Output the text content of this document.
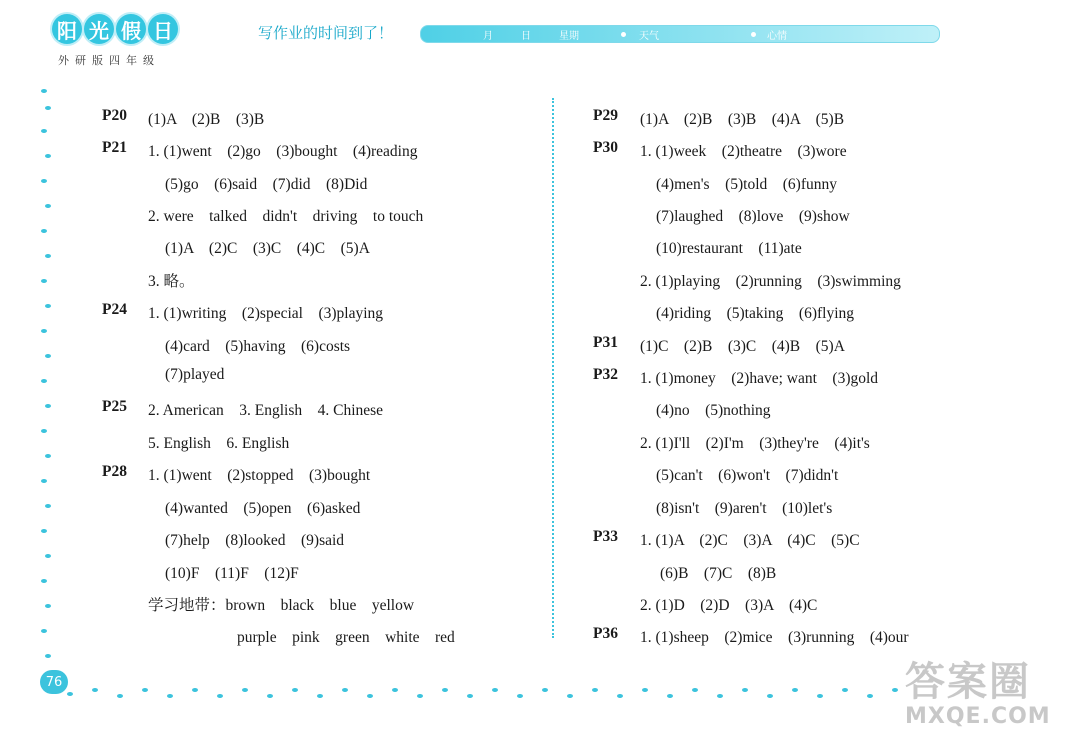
阳 光 假 日
外研版四年级
写作业的时间到了！	月	日	星期	天气	心情
76	答案圈
MXQE.COM
P20 (1)A　(2)B　(3)B
P21 1. (1)went　(2)go　(3)bought　(4)reading
(5)go　(6)said　(7)did　(8)Did
2. were　talked　didn't　driving　to touch
(1)A　(2)C　(3)C　(4)C　(5)A
3. 略。
P24 1. (1)writing　(2)special　(3)playing
(4)card　(5)having　(6)costs
(7)played
P25 2. American　3. English　4. Chinese
5. English　6. English
P28 1. (1)went　(2)stopped　(3)bought
(4)wanted　(5)open　(6)asked
(7)help　(8)looked　(9)said
(10)F　(11)F　(12)F
学习地带：brown　black　blue　yellow
purple　pink　green　white　red
P29 (1)A　(2)B　(3)B　(4)A　(5)B
P30 1. (1)week　(2)theatre　(3)wore
(4)men's　(5)told　(6)funny
(7)laughed　(8)love　(9)show
(10)restaurant　(11)ate
2. (1)playing　(2)running　(3)swimming
(4)riding　(5)taking　(6)flying
P31 (1)C　(2)B　(3)C　(4)B　(5)A
P32 1. (1)money　(2)have; want　(3)gold
(4)no　(5)nothing
2. (1)I'll　(2)I'm　(3)they're　(4)it's
(5)can't　(6)won't　(7)didn't
(8)isn't　(9)aren't　(10)let's
P33 1. (1)A　(2)C　(3)A　(4)C　(5)C
(6)B　(7)C　(8)B
2. (1)D　(2)D　(3)A　(4)C
P36 1. (1)sheep　(2)mice　(3)running　(4)our
